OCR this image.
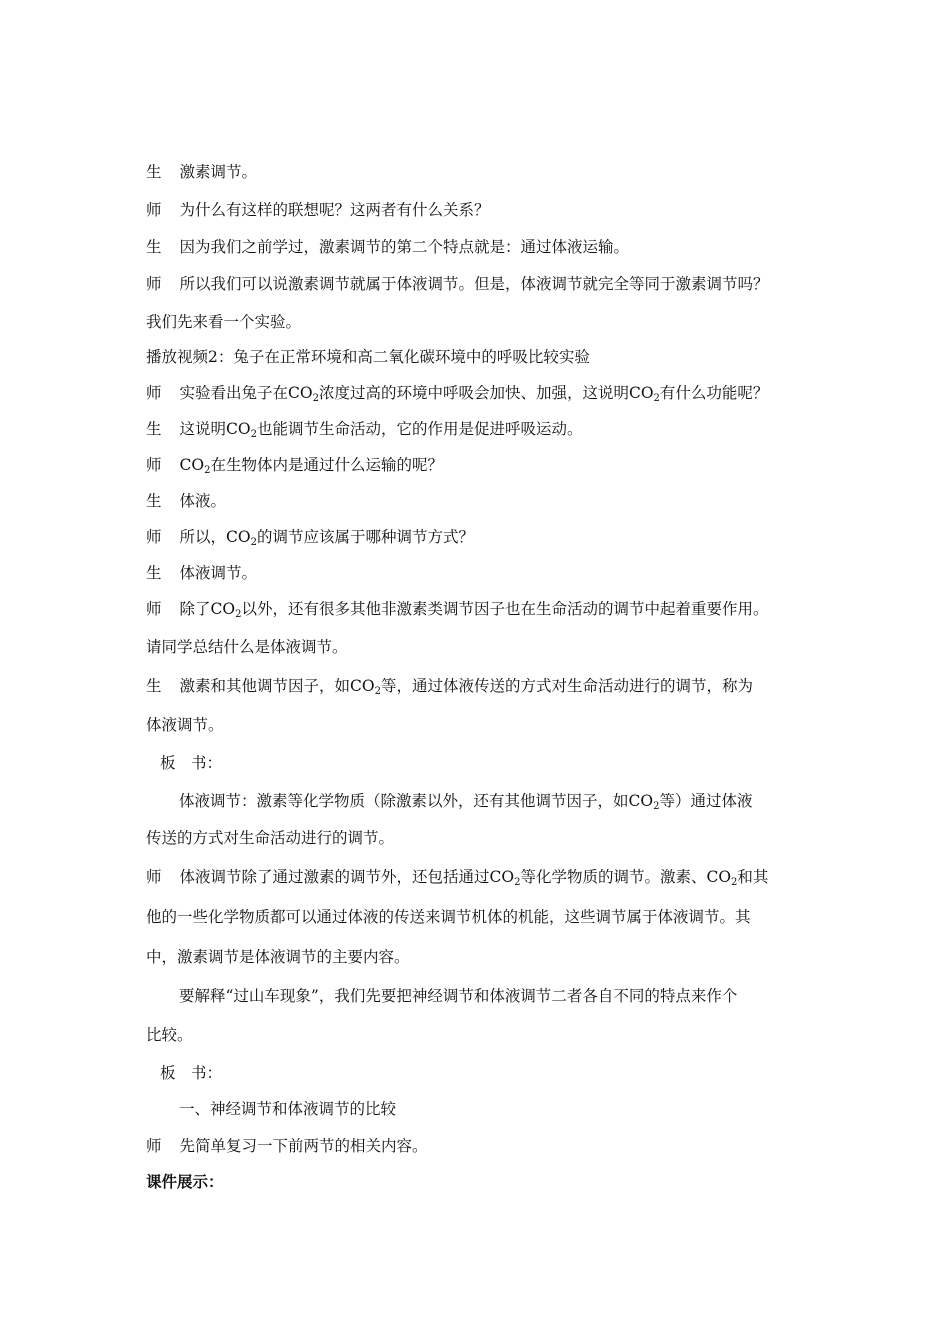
生 激素调节。
师 为什么有这样的联想呢？这两者有什么关系？
生 因为我们之前学过，激素调节的第二个特点就是：通过体液运输。
师 所以我们可以说激素调节就属于体液调节。但是，体液调节就完全等同于激素调节吗？
我们先来看一个实验。
播放视频2：兔子在正常环境和高二氧化碳环境中的呼吸比较实验
师 实验看出兔子在$CO_2$浓度过高的环境中呼吸会加快、加强，这说明$CO_2$有什么功能呢？
生 这说明$CO_2$也能调节生命活动，它的作用是促进呼吸运动。
师 $CO_2$在生物体内是通过什么运输的呢？
生 体液。
师 所以，$CO_2$的调节应该属于哪种调节方式？
生 体液调节。
师 除了$CO_2$以外，还有很多其他非激素类调节因子也在生命活动的调节中起着重要作用。
请同学总结什么是体液调节。
生 激素和其他调节因子，如$CO_2$等，通过体液传送的方式对生命活动进行的调节，称为
体液调节。
板　书：
体液调节：激素等化学物质（除激素以外，还有其他调节因子，如$CO_2$等）通过体液
传送的方式对生命活动进行的调节。
师 体液调节除了通过激素的调节外，还包括通过$CO_2$等化学物质的调节。激素、$CO_2$和其
他的一些化学物质都可以通过体液的传送来调节机体的机能，这些调节属于体液调节。其
中，激素调节是体液调节的主要内容。
要解释“过山车现象”，我们先要把神经调节和体液调节二者各自不同的特点来作个
比较。
板　书：
一、神经调节和体液调节的比较
师 先简单复习一下前两节的相关内容。
课件展示：
